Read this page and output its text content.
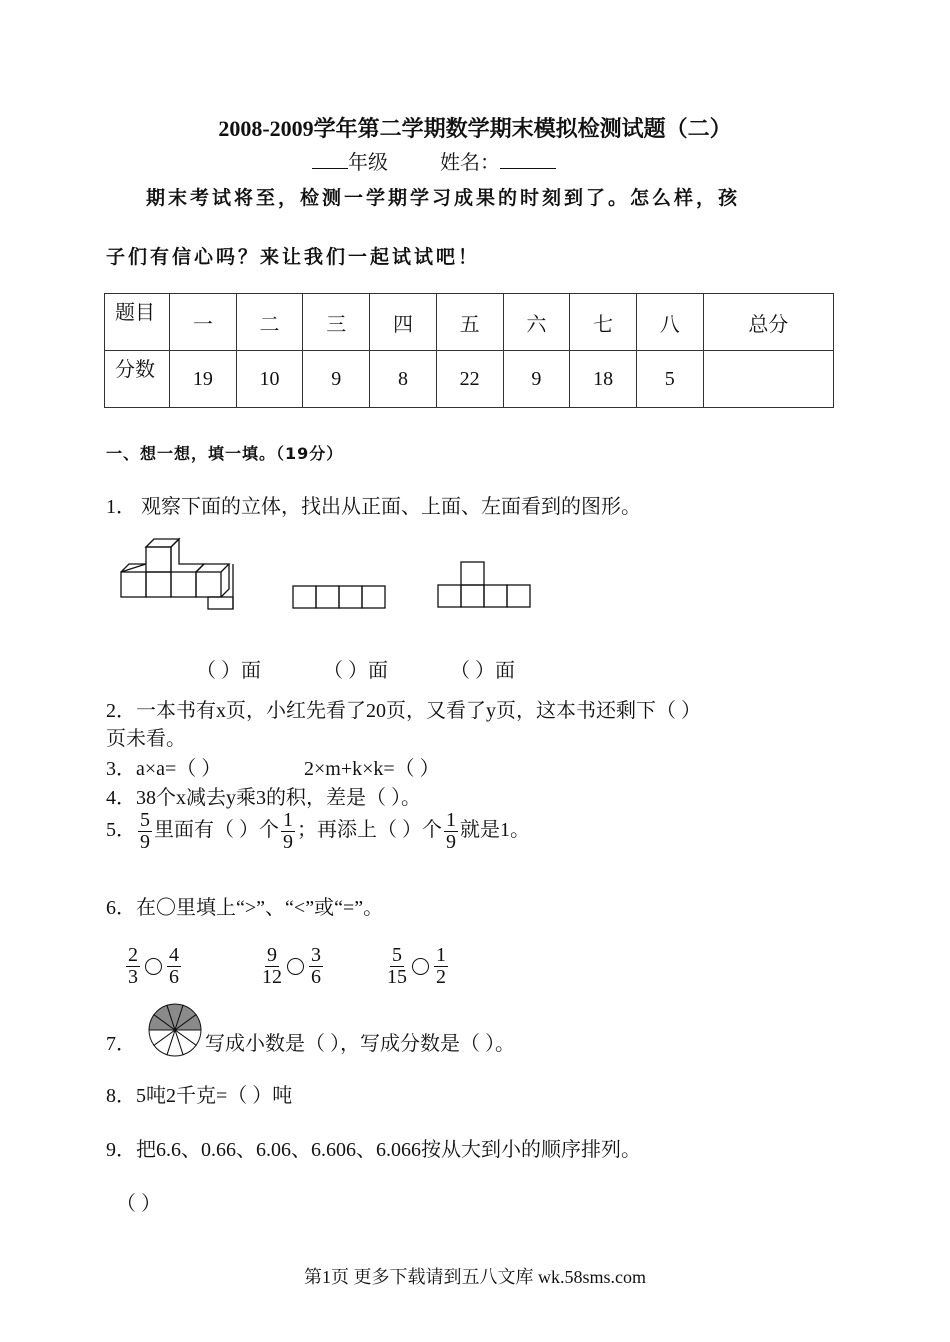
2008-2009学年第二学期数学期末模拟检测试题（二）
年级	姓名：
期末考试将至，检测一学期学习成果的时刻到了。怎么样，孩
子们有信心吗？来让我们一起试试吧！
题目	一	二	三	四	五	六	七	八	总分
分数	19	10	9	8	22	9	18	5	
一、想一想，填一填。（19分）
1． 观察下面的立体，找出从正面、上面、左面看到的图形。
（ ）面	（ ）面	（ ）面
2．一本书有x页，小红先看了20页，又看了y页，这本书还剩下（ ）
页未看。
3．a×a=（ ）	2×m+k×k=（ ）
4．38个x减去y乘3的积，差是（ ）。
5． $\frac{5}{9}$ 里面有（ ）个 $\frac{1}{9}$ ；再添上（ ）个 $\frac{1}{9}$ 就是1。
6．在〇里填上“>”、“<”或“=”。
$\frac{2}{3} \frac{4}{6}$	$\frac{9}{12} \frac{3}{6}$	$\frac{5}{15} \frac{1}{2}$
7．	写成小数是（ ），写成分数是（ ）。
8．5吨2千克=（ ）吨
9．把6.6、0.66、6.06、6.606、6.066按从大到小的顺序排列。
（ ）
第1页 更多下载请到五八文库 wk.58sms.com
